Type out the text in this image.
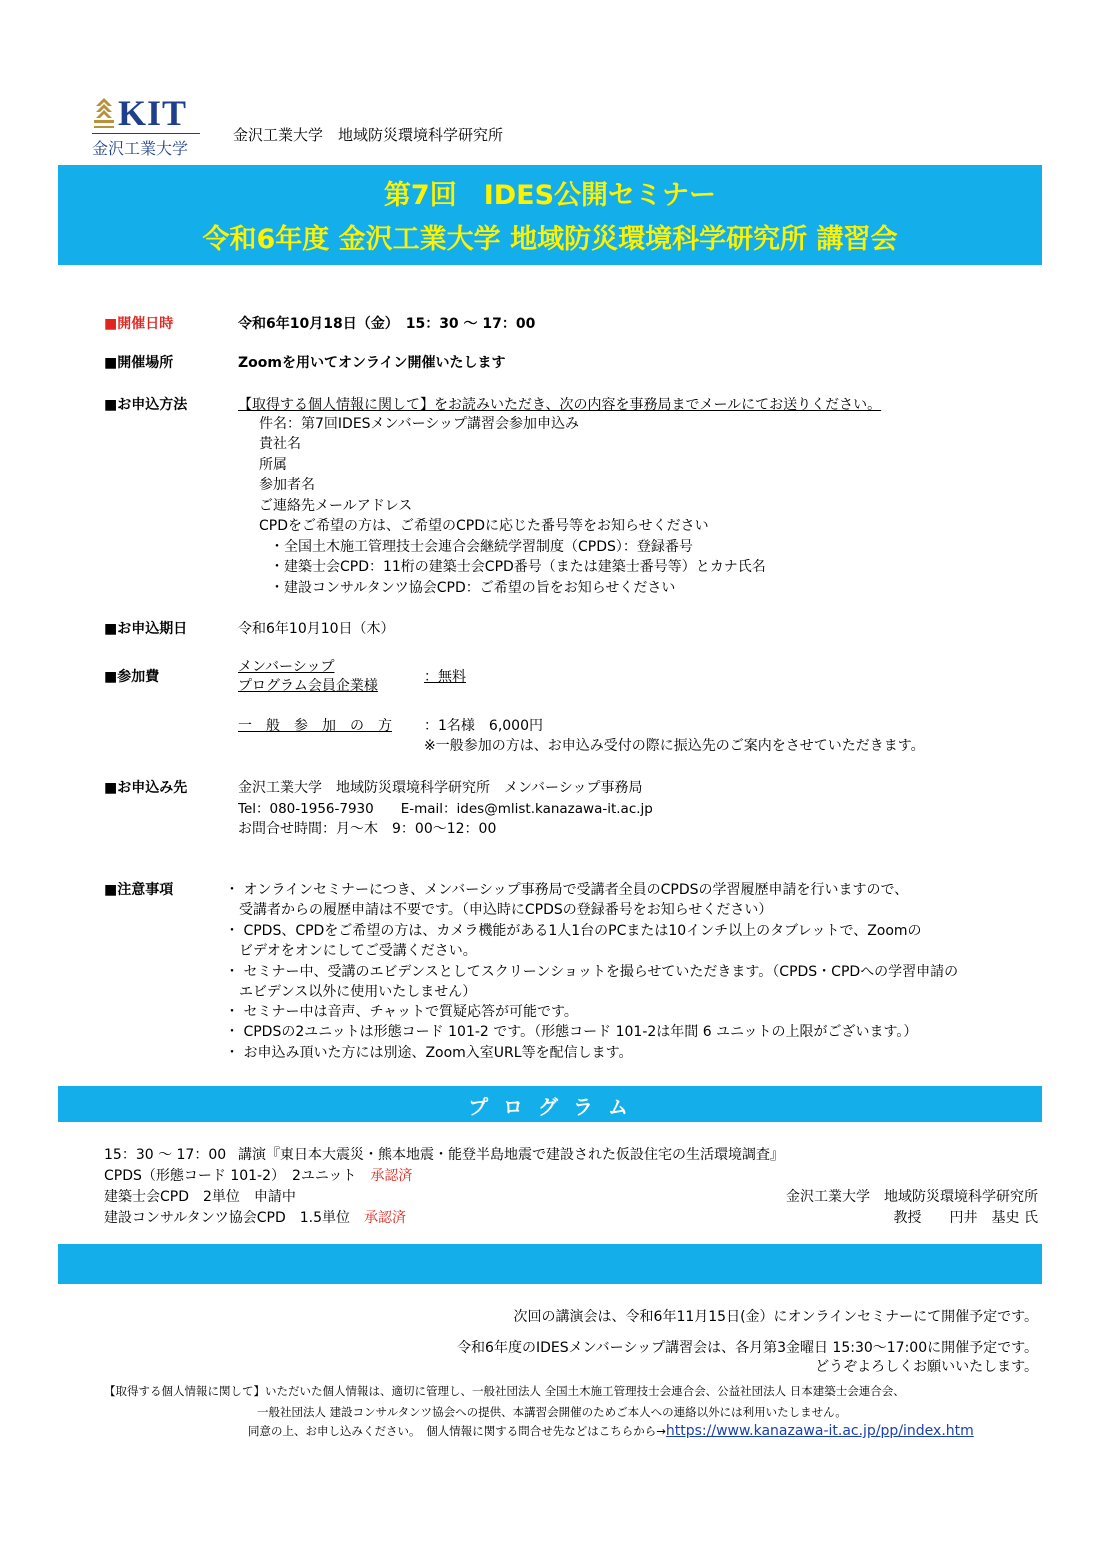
KIT
金沢工業大学
金沢工業大学　地域防災環境科学研究所
第7回　IDES公開セミナー
令和6年度 金沢工業大学 地域防災環境科学研究所 講習会
■開催日時	令和6年10月18日（金）　15：30 ～ 17：00
■開催場所	Zoomを用いてオンライン開催いたします
■お申込方法	【取得する個人情報に関して】をお読みいただき、次の内容を事務局までメールにてお送りください。
件名：第7回IDESメンバーシップ講習会参加申込み
貴社名
所属
参加者名
ご連絡先メールアドレス
CPDをご希望の方は、ご希望のCPDに応じた番号等をお知らせください
・全国土木施工管理技士会連合会継続学習制度（CPDS）：登録番号
・建築士会CPD：11桁の建築士会CPD番号（または建築士番号等）とカナ氏名
・建設コンサルタンツ協会CPD：ご希望の旨をお知らせください
■お申込期日	令和6年10月10日（木）
■参加費
メンバーシップ
プログラム会員企業様
：無料
一　般　参　加　の　方 ：1名様　6,000円
※一般参加の方は、お申込み受付の際に振込先のご案内をさせていただきます。
■お申込み先	金沢工業大学　地域防災環境科学研究所　メンバーシップ事務局
Tel：080-1956-7930　　E-mail：ides@mlist.kanazawa-it.ac.jp
お問合せ時間：月～木　9：00～12：00
■注意事項	・ オンラインセミナーにつき、メンバーシップ事務局で受講者全員のCPDSの学習履歴申請を行いますので、
　受講者からの履歴申請は不要です。（申込時にCPDSの登録番号をお知らせください）
・ CPDS、CPDをご希望の方は、カメラ機能がある1人1台のPCまたは10インチ以上のタブレットで、Zoomの
　ビデオをオンにしてご受講ください。
・ セミナー中、受講のエビデンスとしてスクリーンショットを撮らせていただきます。（CPDS・CPDへの学習申請の
　エビデンス以外に使用いたしません）
・ セミナー中は音声、チャットで質疑応答が可能です。
・ CPDSの2ユニットは形態コード 101-2 です。（形態コード 101-2は年間 6 ユニットの上限がございます。）
・ お申込み頂いた方には別途、Zoom入室URL等を配信します。
プ ロ グ ラ ム
15：30 ～ 17：00 講演『東日本大震災・熊本地震・能登半島地震で建設された仮設住宅の生活環境調査』
CPDS（形態コード 101-2）　2ユニット　承認済
建築士会CPD　2単位　申請中
建設コンサルタンツ協会CPD　1.5単位　承認済
金沢工業大学　地域防災環境科学研究所
教授　　円井　基史 氏
次回の講演会は、令和6年11月15日(金）にオンラインセミナーにて開催予定です。
令和6年度のIDESメンバーシップ講習会は、各月第3金曜日 15:30～17:00に開催予定です。
どうぞよろしくお願いいたします。
【取得する個人情報に関して】いただいた個人情報は、適切に管理し、一般社団法人 全国土木施工管理技士会連合会、公益社団法人 日本建築士会連合会、
一般社団法人 建設コンサルタンツ協会への提供、本講習会開催のためご本人への連絡以外には利用いたしません。
同意の上、お申し込みください。　個人情報に関する問合せ先などはこちらから→https://www.kanazawa-it.ac.jp/pp/index.htm
